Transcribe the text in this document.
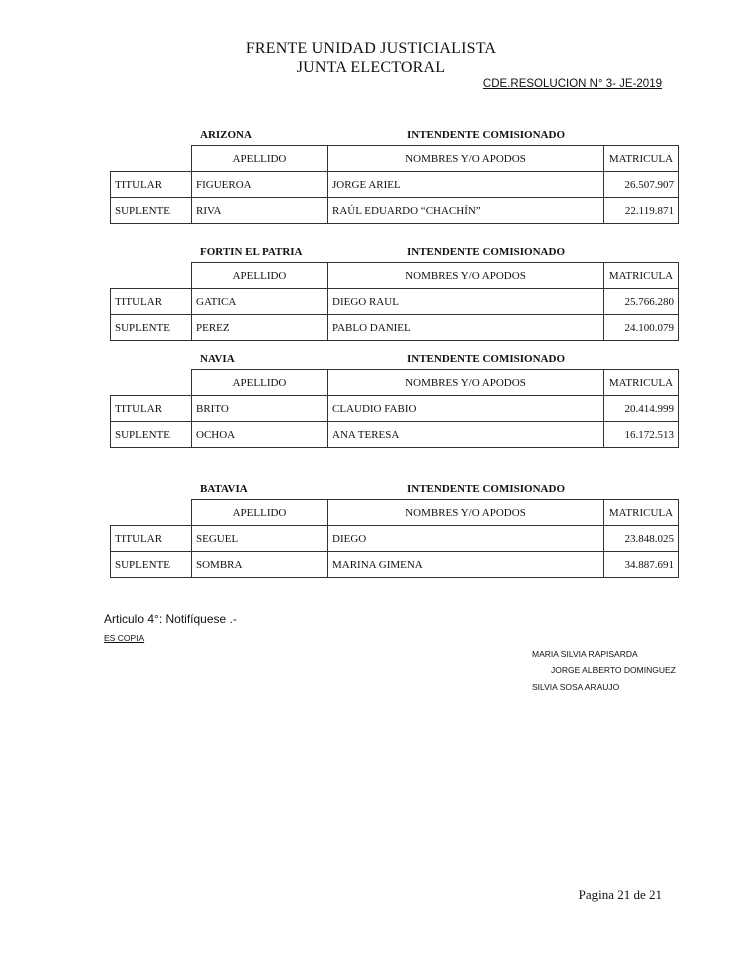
FRENTE UNIDAD JUSTICIALISTA
JUNTA ELECTORAL
CDE.RESOLUCION N° 3- JE-2019
ARIZONA	INTENDENTE COMISIONADO
	APELLIDO	NOMBRES Y/O APODOS	MATRICULA
TITULAR	FIGUEROA	JORGE ARIEL	26.507.907
SUPLENTE	RIVA	RAÚL EDUARDO “CHACHÍN”	22.119.871
FORTIN EL PATRIA	INTENDENTE COMISIONADO
	APELLIDO	NOMBRES Y/O APODOS	MATRICULA
TITULAR	GATICA	DIEGO RAUL	25.766.280
SUPLENTE	PEREZ	PABLO DANIEL	24.100.079
NAVIA	INTENDENTE COMISIONADO
	APELLIDO	NOMBRES Y/O APODOS	MATRICULA
TITULAR	BRITO	CLAUDIO FABIO	20.414.999
SUPLENTE	OCHOA	ANA TERESA	16.172.513
BATAVIA	INTENDENTE COMISIONADO
	APELLIDO	NOMBRES Y/O APODOS	MATRICULA
TITULAR	SEGUEL	DIEGO	23.848.025
SUPLENTE	SOMBRA	MARINA GIMENA	34.887.691
Articulo 4°: Notifíquese .-
ES COPIA
MARIA SILVIA RAPISARDA
JORGE ALBERTO DOMINGUEZ
SILVIA SOSA ARAUJO
Pagina 21 de 21
